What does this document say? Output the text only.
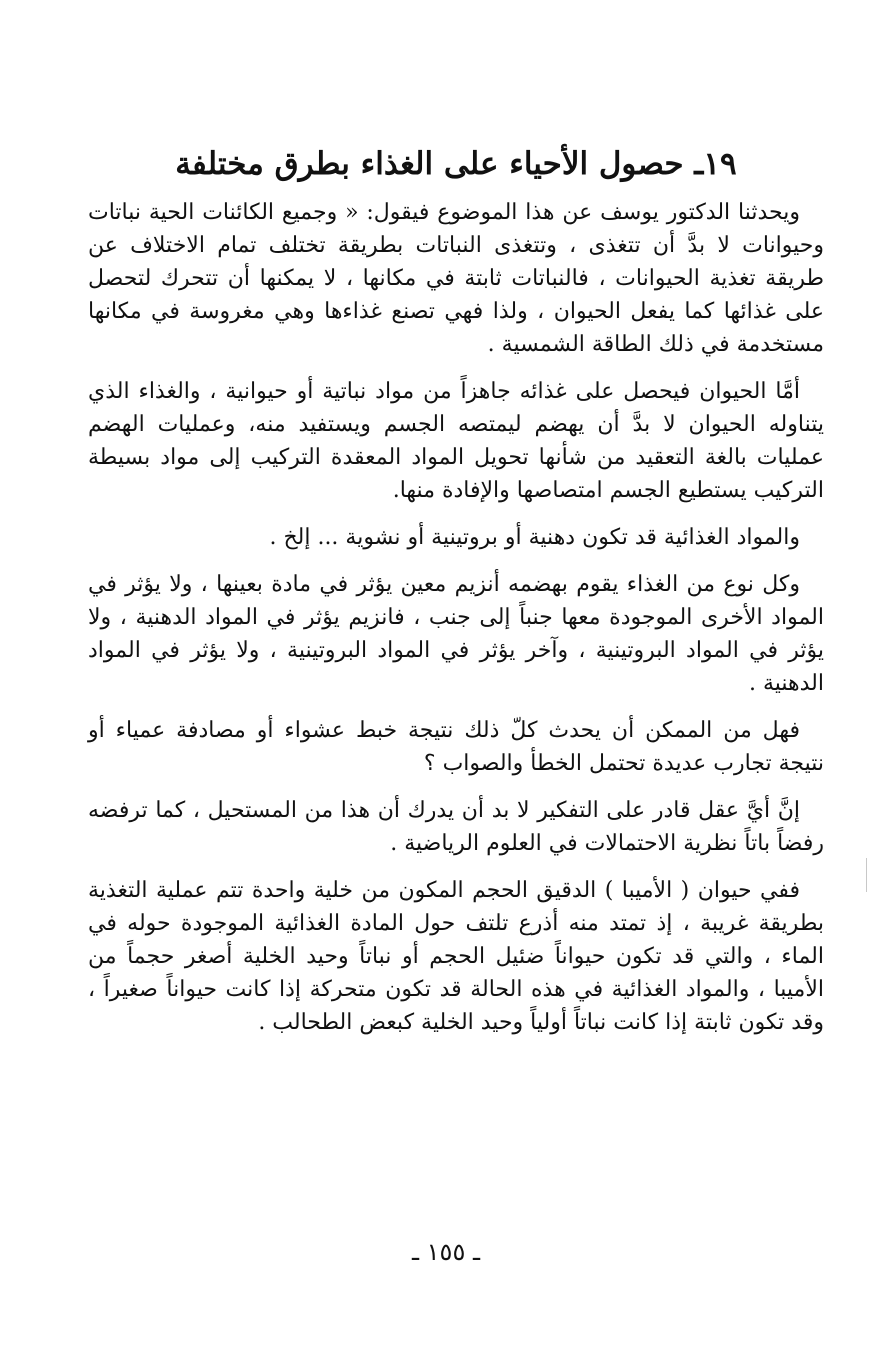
١٩ـ حصول الأحياء على الغذاء بطرق مختلفة

ويحدثنا الدكتور يوسف عن هذا الموضوع فيقول: « وجميع الكائنات الحية نباتات وحيوانات لا بدَّ أن تتغذى ، وتتغذى النباتات بطريقة تختلف تمام الاختلاف عن طريقة تغذية الحيوانات ، فالنباتات ثابتة في مكانها ، لا يمكنها أن تتحرك لتحصل على غذائها كما يفعل الحيوان ، ولذا فهي تصنع غذاءها وهي مغروسة في مكانها مستخدمة في ذلك الطاقة الشمسية .

أمَّا الحيوان فيحصل على غذائه جاهزاً من مواد نباتية أو حيوانية ، والغذاء الذي يتناوله الحيوان لا بدَّ أن يهضم ليمتصه الجسم ويستفيد منه، وعمليات الهضم عمليات بالغة التعقيد من شأنها تحويل المواد المعقدة التركيب إلى مواد بسيطة التركيب يستطيع الجسم امتصاصها والإفادة منها.

والمواد الغذائية قد تكون دهنية أو بروتينية أو نشوية ... إلخ .

وكل نوع من الغذاء يقوم بهضمه أنزيم معين يؤثر في مادة بعينها ، ولا يؤثر في المواد الأخرى الموجودة معها جنباً إلى جنب ، فانزيم يؤثر في المواد الدهنية ، ولا يؤثر في المواد البروتينية ، وآخر يؤثر في المواد البروتينية ، ولا يؤثر في المواد الدهنية .

فهل من الممكن أن يحدث كلّ ذلك نتيجة خبط عشواء أو مصادفة عمياء أو نتيجة تجارب عديدة تحتمل الخطأ والصواب ؟

إنَّ أيَّ عقل قادر على التفكير لا بد أن يدرك أن هذا من المستحيل ، كما ترفضه رفضاً باتاً نظرية الاحتمالات في العلوم الرياضية .

ففي حيوان ( الأميبا ) الدقيق الحجم المكون من خلية واحدة تتم عملية التغذية بطريقة غريبة ، إذ تمتد منه أذرع تلتف حول المادة الغذائية الموجودة حوله في الماء ، والتي قد تكون حيواناً ضئيل الحجم أو نباتاً وحيد الخلية أصغر حجماً من الأميبا ، والمواد الغذائية في هذه الحالة قد تكون متحركة إذا كانت حيواناً صغيراً ، وقد تكون ثابتة إذا كانت نباتاً أولياً وحيد الخلية كبعض الطحالب .

ـ ١٥٥ ـ
